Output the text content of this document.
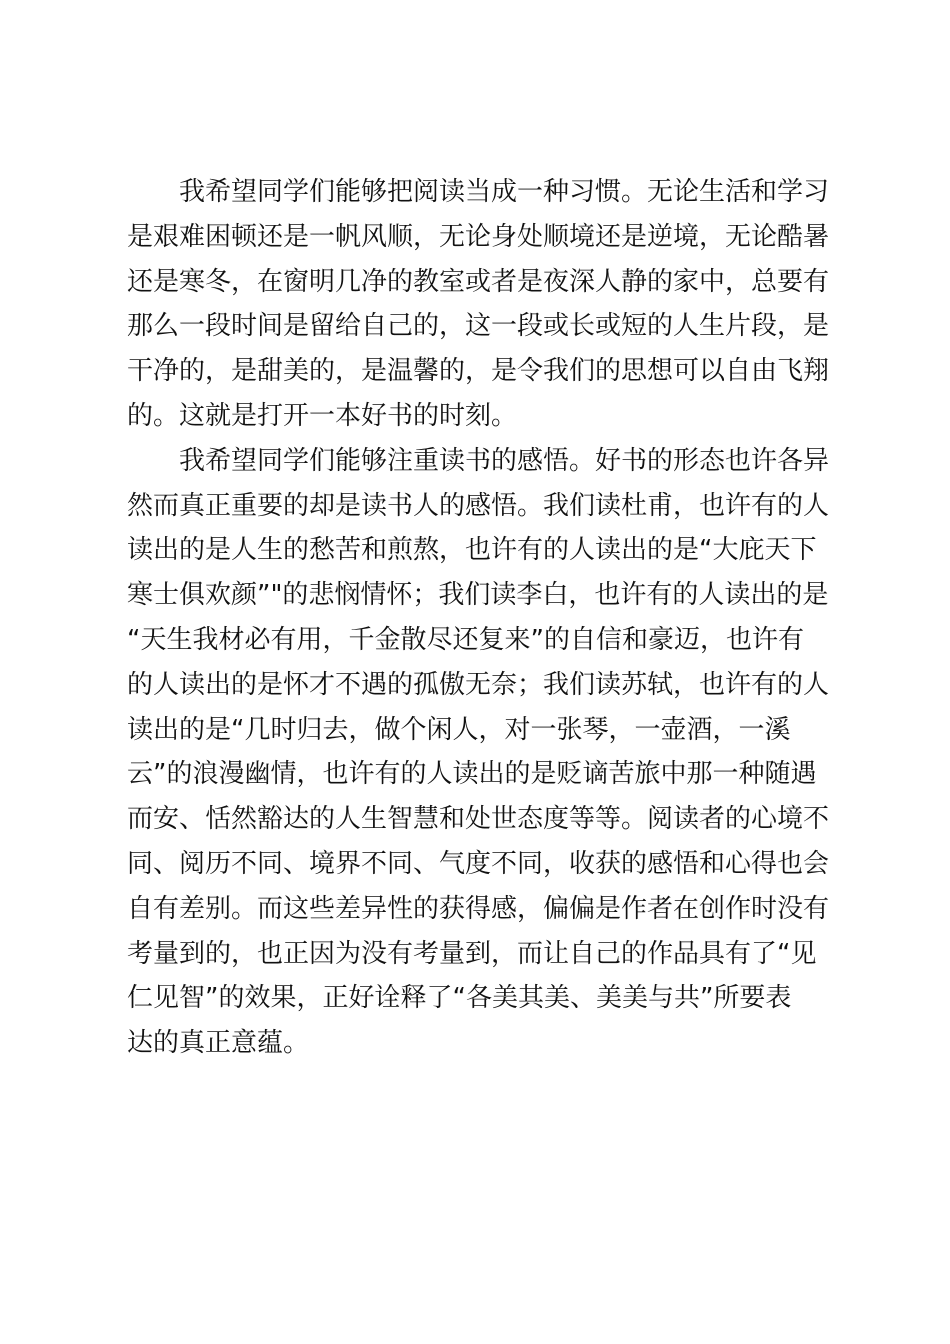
我希望同学们能够把阅读当成一种习惯。无论生活和学习
是艰难困顿还是一帆风顺，无论身处顺境还是逆境，无论酷暑
还是寒冬，在窗明几净的教室或者是夜深人静的家中，总要有
那么一段时间是留给自己的，这一段或长或短的人生片段，是
干净的，是甜美的，是温馨的，是令我们的思想可以自由飞翔
的。这就是打开一本好书的时刻。
我希望同学们能够注重读书的感悟。好书的形态也许各异
然而真正重要的却是读书人的感悟。我们读杜甫，也许有的人
读出的是人生的愁苦和煎熬，也许有的人读出的是“大庇天下
寒士俱欢颜”"的悲悯情怀；我们读李白，也许有的人读出的是
“天生我材必有用，千金散尽还复来”的自信和豪迈，也许有
的人读出的是怀才不遇的孤傲无奈；我们读苏轼，也许有的人
读出的是“几时归去，做个闲人，对一张琴，一壶酒，一溪
云”的浪漫幽情，也许有的人读出的是贬谪苦旅中那一种随遇
而安、恬然豁达的人生智慧和处世态度等等。阅读者的心境不
同、阅历不同、境界不同、气度不同，收获的感悟和心得也会
自有差别。而这些差异性的获得感，偏偏是作者在创作时没有
考量到的，也正因为没有考量到，而让自己的作品具有了“见
仁见智”的效果，正好诠释了“各美其美、美美与共”所要表
达的真正意蕴。
